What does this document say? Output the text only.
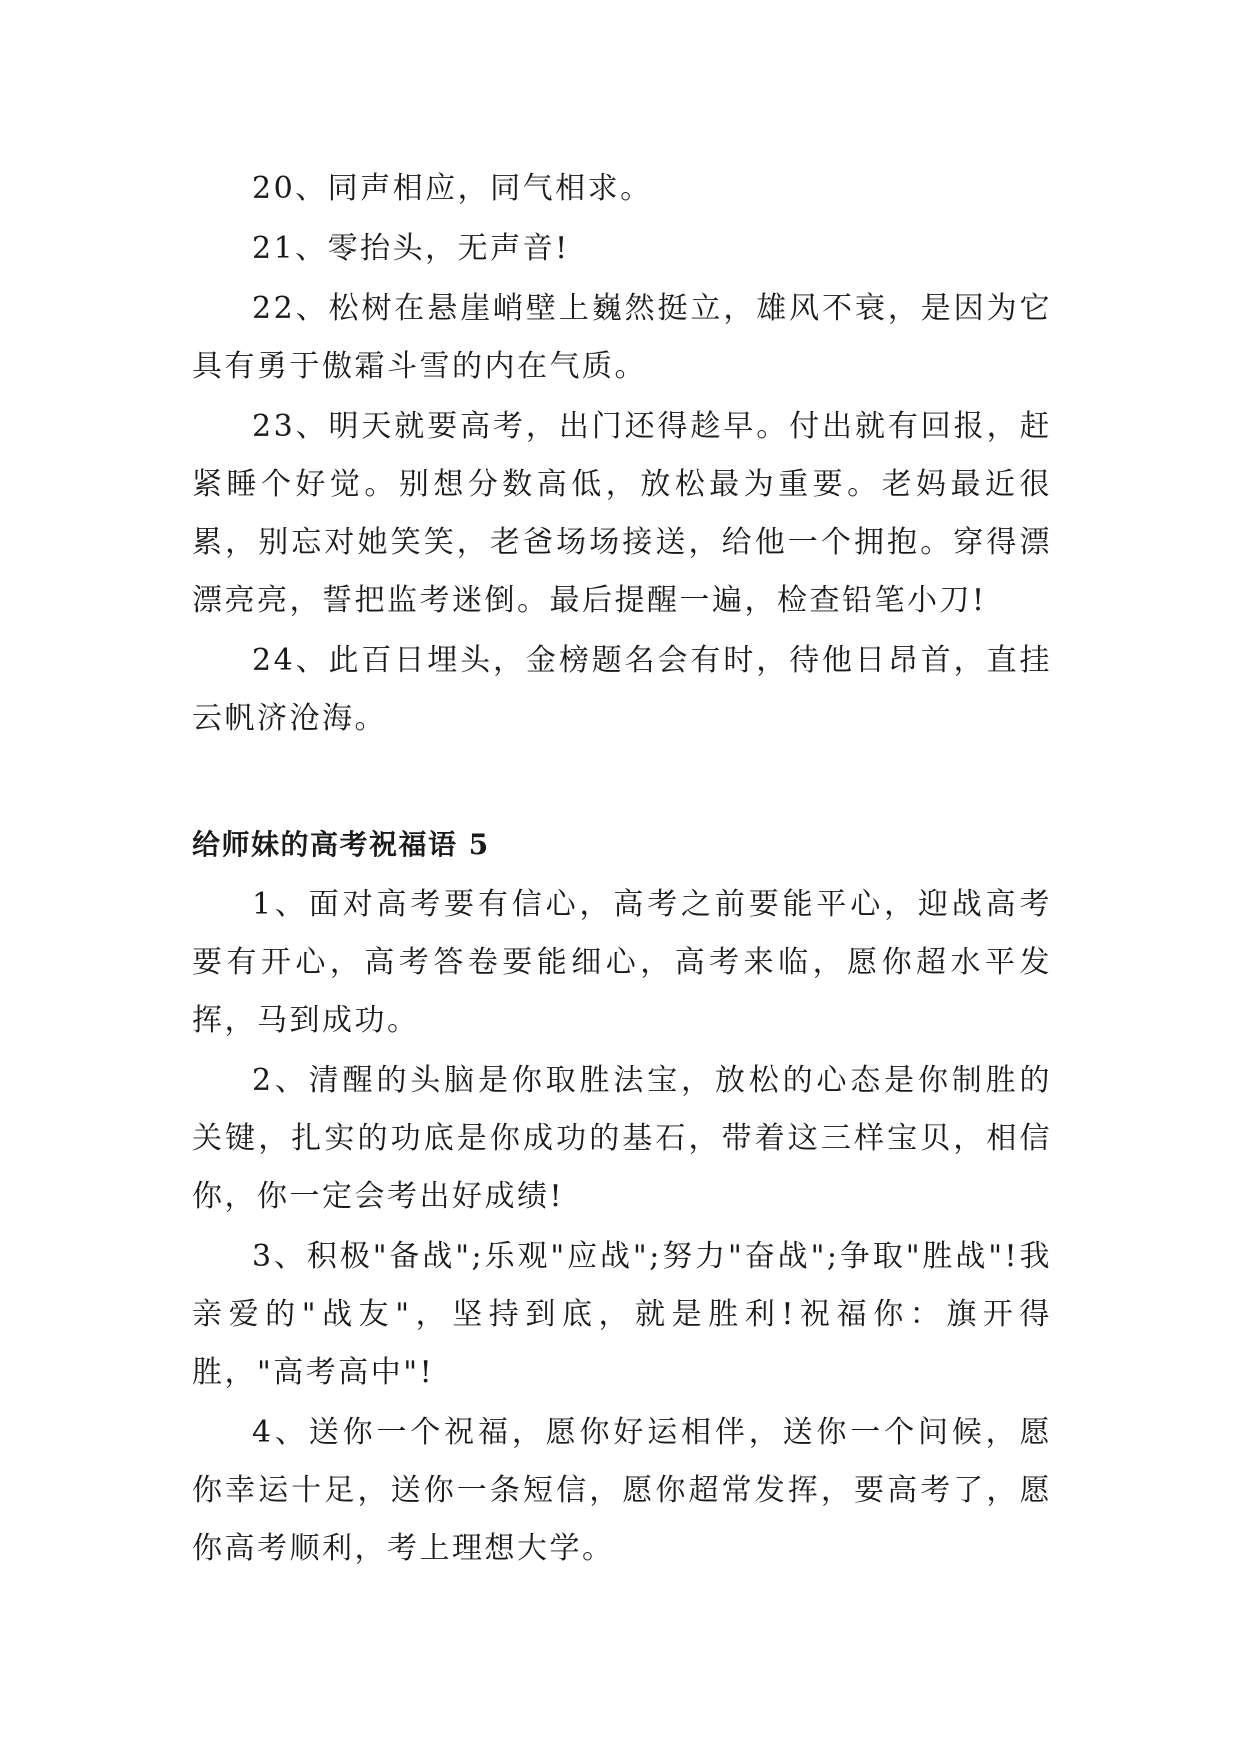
20、同声相应，同气相求。

21、零抬头，无声音!

22、松树在悬崖峭壁上巍然挺立，雄风不衰，是因为它具有勇于傲霜斗雪的内在气质。

23、明天就要高考，出门还得趁早。付出就有回报，赶紧睡个好觉。别想分数高低，放松最为重要。老妈最近很累，别忘对她笑笑，老爸场场接送，给他一个拥抱。穿得漂漂亮亮，誓把监考迷倒。最后提醒一遍，检查铅笔小刀!

24、此百日埋头，金榜题名会有时，待他日昂首，直挂云帆济沧海。

给师妹的高考祝福语 5

1、面对高考要有信心，高考之前要能平心，迎战高考要有开心，高考答卷要能细心，高考来临，愿你超水平发挥，马到成功。

2、清醒的头脑是你取胜法宝，放松的心态是你制胜的关键，扎实的功底是你成功的基石，带着这三样宝贝，相信你，你一定会考出好成绩!

3、积极"备战";乐观"应战";努力"奋战";争取"胜战"!我亲爱的"战友"，坚持到底，就是胜利!祝福你：旗开得胜，"高考高中"!

4、送你一个祝福，愿你好运相伴，送你一个问候，愿你幸运十足，送你一条短信，愿你超常发挥，要高考了，愿你高考顺利，考上理想大学。
